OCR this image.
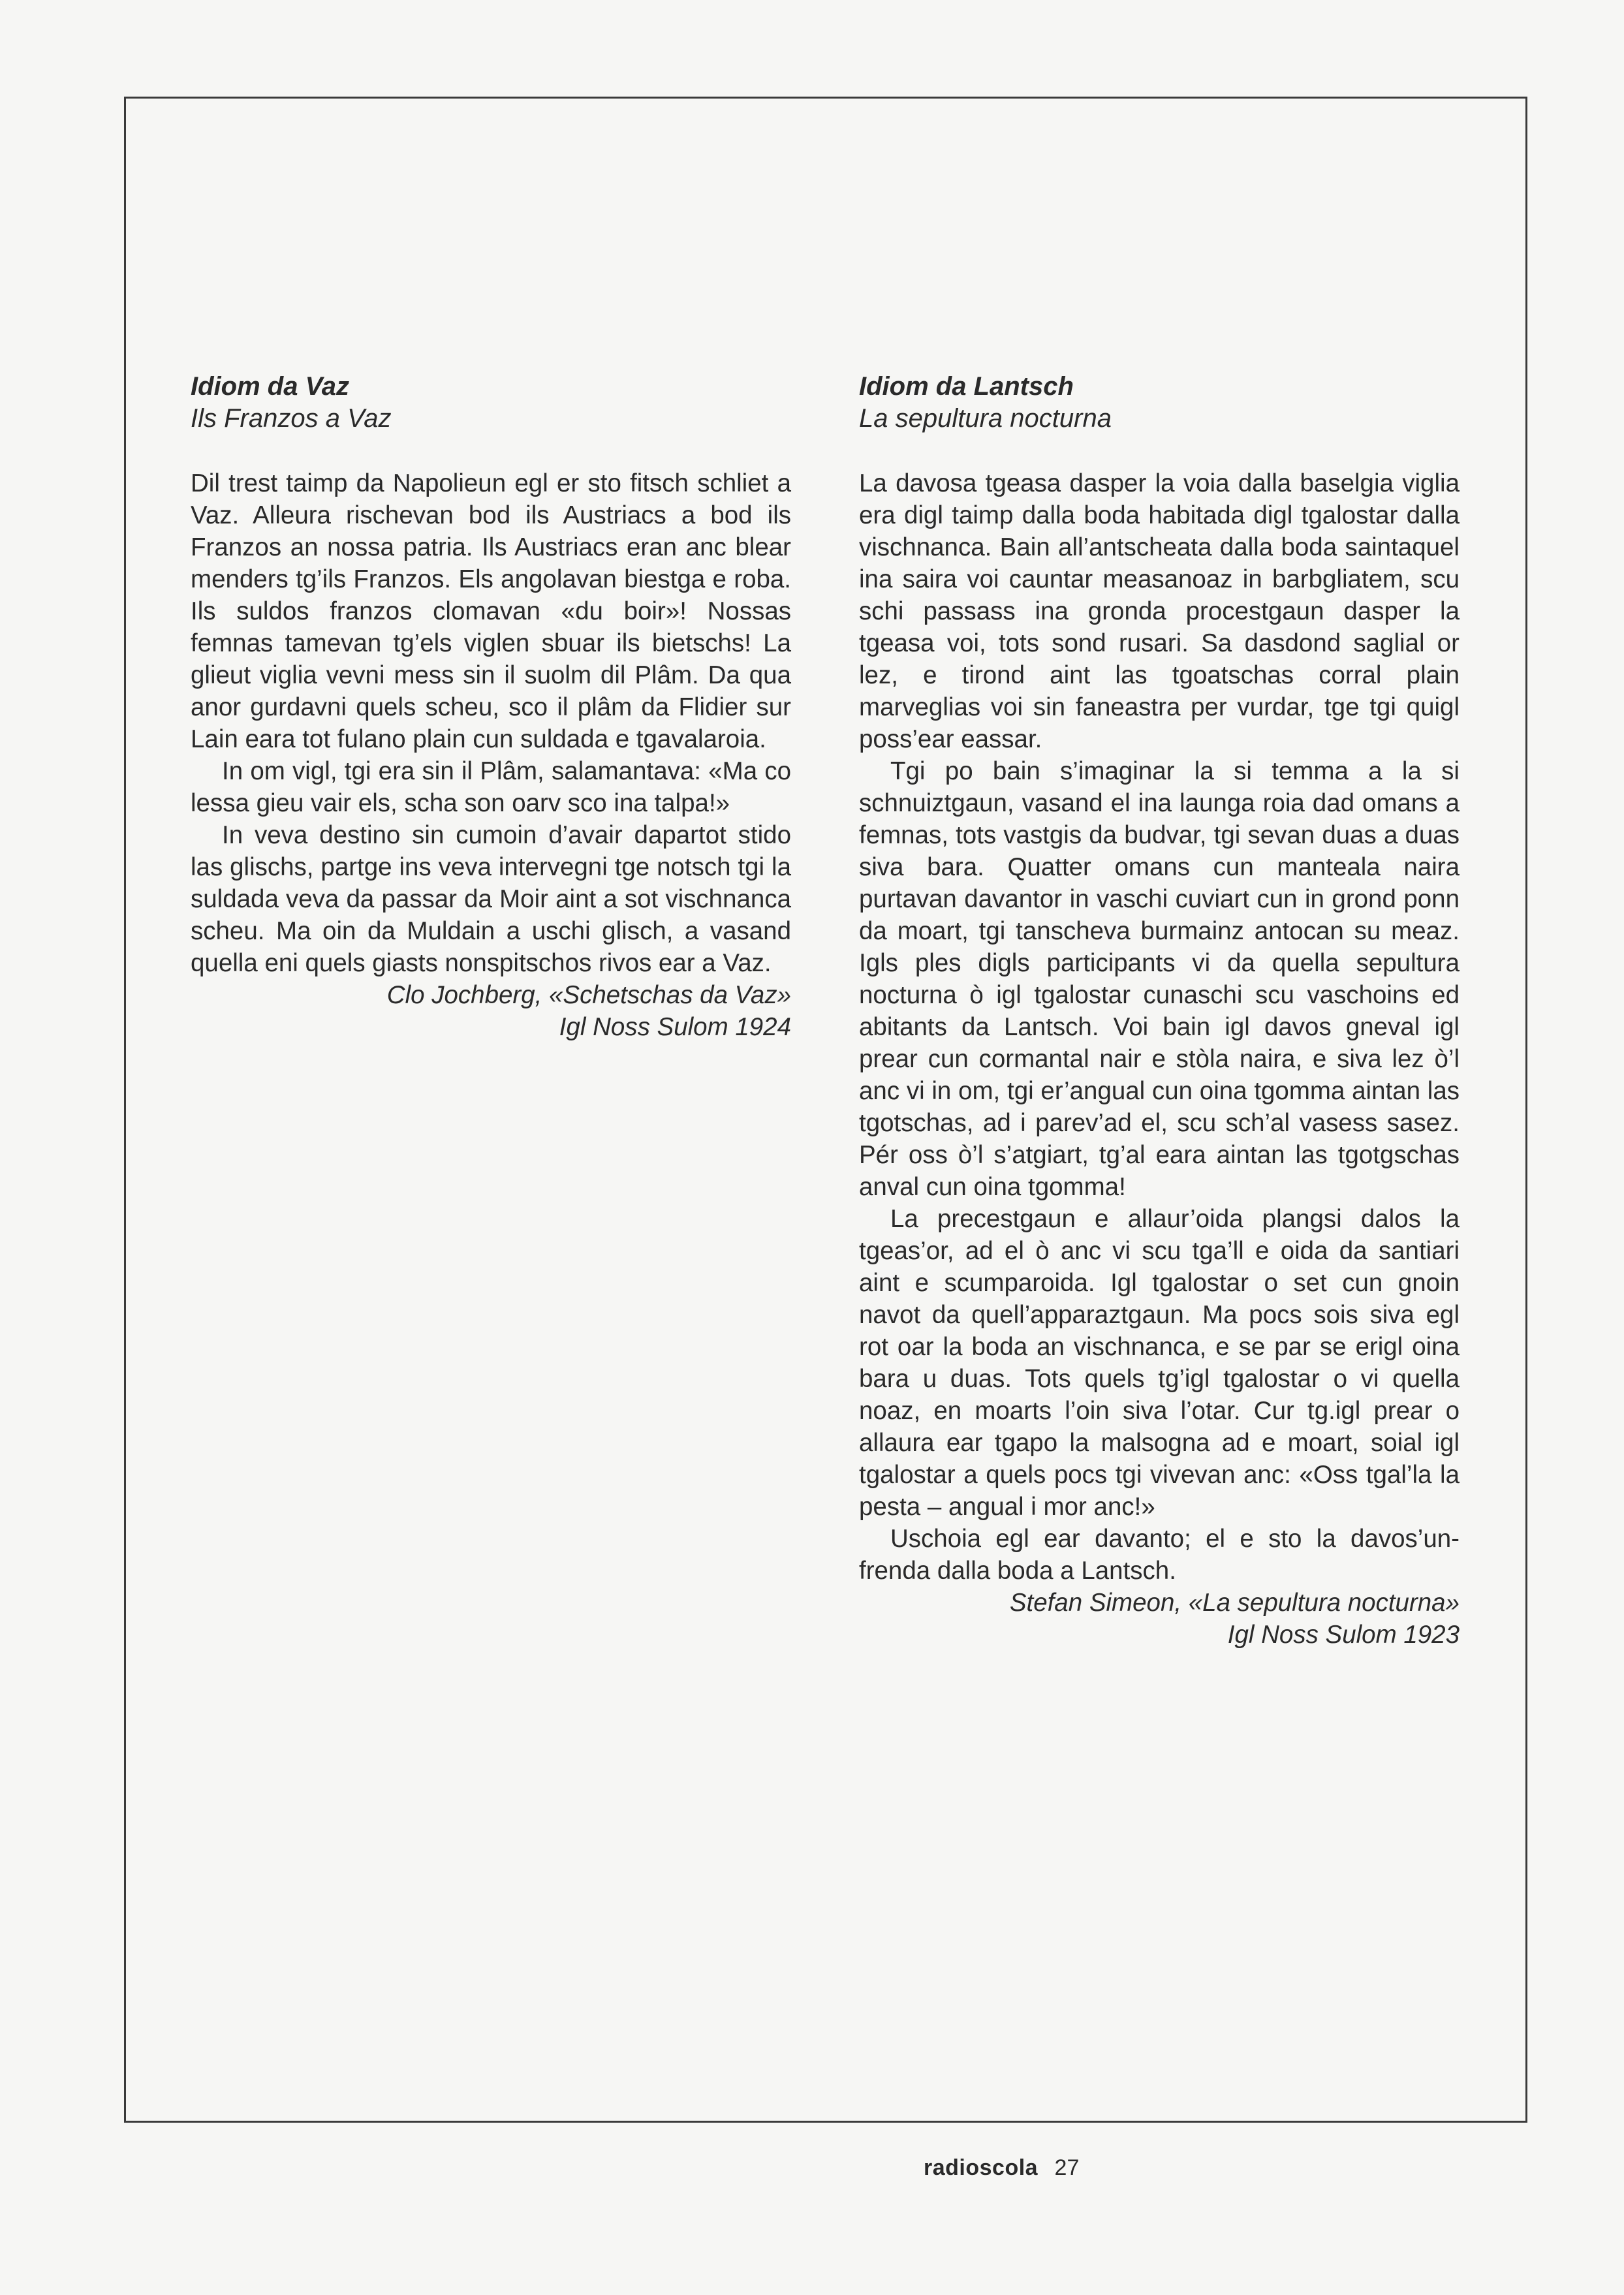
Idiom da Vaz

Ils Franzos a Vaz

Dil trest taimp da Napolieun egl er sto fitsch schliet a Vaz. Alleura rischevan bod ils Austriacs a bod ils Franzos an nossa patria. Ils Austriacs eran anc blear menders tg’ils Franzos. Els angolavan biestga e roba. Ils suldos franzos clomavan «du boir»! Nossas femnas tamevan tg’els viglen sbuar ils bietschs! La glieut viglia vevni mess sin il suolm dil Plâm. Da qua anor gurdavni quels scheu, sco il plâm da Flidier sur Lain eara tot fulano plain cun suldada e tgavalaroia.

In om vigl, tgi era sin il Plâm, salamantava: «Ma co lessa gieu vair els, scha son oarv sco ina talpa!»

In veva destino sin cumoin d’avair dapartot stido las glischs, partge ins veva intervegni tge notsch tgi la suldada veva da passar da Moir aint a sot vischnanca scheu. Ma oin da Muldain a uschi glisch, a vasand quella eni quels giasts nonspitschos rivos ear a Vaz.

Clo Jochberg, «Schetschas da Vaz»

Igl Noss Sulom 1924

Idiom da Lantsch

La sepultura nocturna

La davosa tgeasa dasper la voia dalla baselgia viglia era digl taimp dalla boda habitada digl tgalostar dalla vischnanca. Bain all’antscheata dalla boda saintaquel ina saira voi cauntar measanoaz in barbgliatem, scu schi passass ina gronda procestgaun dasper la tgeasa voi, tots sond rusari. Sa dasdond saglial or lez, e tirond aint las tgoatschas corral plain marveglias voi sin faneastra per vurdar, tge tgi quigl poss’ear eassar.

Tgi po bain s’imaginar la si temma a la si schnuiztgaun, vasand el ina launga roia dad omans a femnas, tots vastgis da budvar, tgi sevan duas a duas siva bara. Quatter omans cun manteala naira purtavan davantor in vaschi cuviart cun in grond ponn da moart, tgi tanscheva burmainz antocan su meaz. Igls ples digls participants vi da quella sepultura nocturna ò igl tgalostar cunaschi scu vaschoins ed abitants da Lantsch. Voi bain igl davos gneval igl prear cun cormantal nair e stòla naira, e siva lez ò’l anc vi in om, tgi er’angual cun oina tgomma aintan las tgotschas, ad i parev’ad el, scu sch’al vasess sasez. Pér oss ò’l s’atgiart, tg’al eara aintan las tgotgschas anval cun oina tgomma!

La precestgaun e allaur’oida plangsi dalos la tgeas’or, ad el ò anc vi scu tga’ll e oida da santiari aint e scumparoida. Igl tgalostar o set cun gnoin navot da quell’apparaztgaun. Ma pocs sois siva egl rot oar la boda an vischnanca, e se par se erigl oina bara u duas. Tots quels tg’igl tgalostar o vi quella noaz, en moarts l’oin siva l’otar. Cur tg.igl prear o allaura ear tgapo la malsogna ad e moart, soial igl tgalostar a quels pocs tgi vivevan anc: «Oss tgal’la la pesta – angual i mor anc!»

Uschoia egl ear davanto; el e sto la davos’unfrenda dalla boda a Lantsch.

Stefan Simeon, «La sepultura nocturna»

Igl Noss Sulom 1923

radioscola 27
